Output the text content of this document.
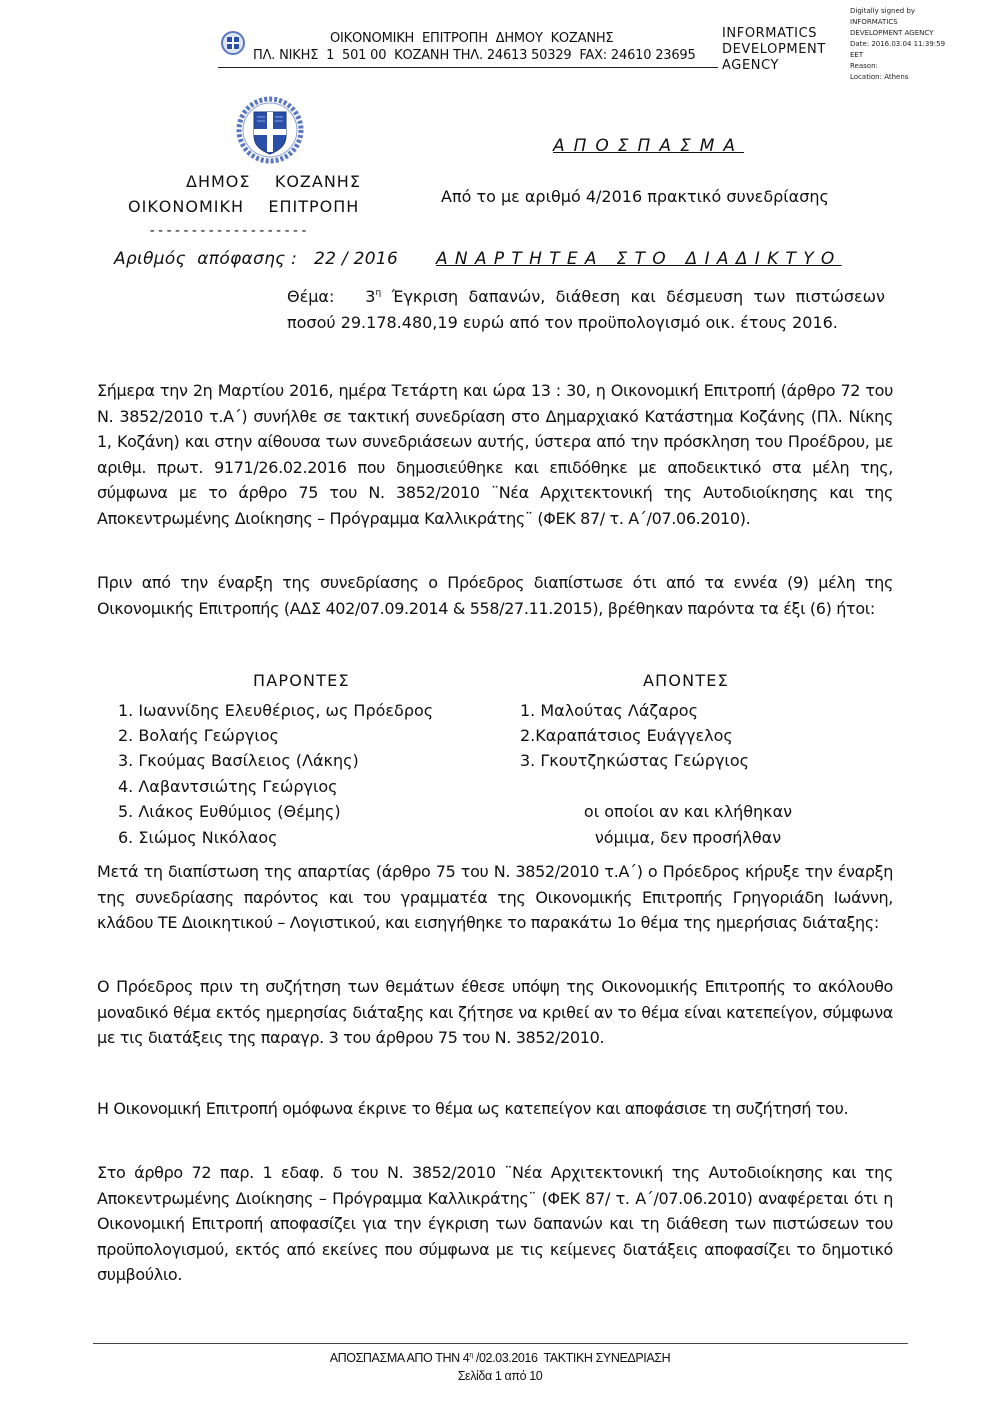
ΟΙΚΟΝΟΜΙΚΗ  ΕΠΙΤΡΟΠΗ  ΔΗΜΟΥ  ΚΟΖΑΝΗΣ
ΠΛ. ΝΙΚΗΣ  1  501 00  ΚΟΖΑΝΗ ΤΗΛ. 24613 50329  FAX: 24610 23695
INFORMATICS
DEVELOPMENT
AGENCY
Digitally signed by
INFORMATICS
DEVELOPMENT AGENCY
Date: 2016.03.04 11:39:59
EET
Reason:
Location: Athens
ΔΗΜΟΣ    ΚΟΖΑΝΗΣ
ΟΙΚΟΝΟΜΙΚΗ    ΕΠΙΤΡΟΠΗ
-------------------
Αριθμός  απόφασης : 22 / 2016
ΑΠΟΣΠΑΣΜΑ
Από το με αριθμό 4/2016 πρακτικό συνεδρίασης
ΑΝΑΡΤΗΤΕΑ ΣΤΟ ΔΙΑΔΙΚΤΥΟ
Θέμα: $3^\eta$ Έγκριση δαπανών, διάθεση και δέσμευση των πιστώσεων ποσού 29.178.480,19 ευρώ από τον προϋπολογισμό οικ. έτους 2016.
Σήμερα την 2η Μαρτίου 2016, ημέρα Τετάρτη και ώρα 13 : 30, η Οικονομική Επιτροπή (άρθρο 72 του Ν. 3852/2010 τ.Α΄) συνήλθε σε τακτική συνεδρίαση στο Δημαρχιακό Κατάστημα Κοζάνης (Πλ. Νίκης 1, Κοζάνη) και στην αίθουσα των συνεδριάσεων αυτής, ύστερα από την πρόσκληση του Προέδρου, με αριθμ. πρωτ. 9171/26.02.2016 που δημοσιεύθηκε και επιδόθηκε με αποδεικτικό στα μέλη της, σύμφωνα με το άρθρο 75 του Ν. 3852/2010 ¨Νέα Αρχιτεκτονική της Αυτοδιοίκησης και της Αποκεντρωμένης Διοίκησης – Πρόγραμμα Καλλικράτης¨ (ΦΕΚ 87/ τ. Α΄/07.06.2010).
Πριν από την έναρξη της συνεδρίασης ο Πρόεδρος διαπίστωσε ότι από τα εννέα (9) μέλη της Οικονομικής Επιτροπής (ΑΔΣ 402/07.09.2014 & 558/27.11.2015), βρέθηκαν παρόντα τα έξι (6) ήτοι:
ΠΑΡΟΝΤΕΣ
1. Ιωαννίδης Ελευθέριος, ως Πρόεδρος
2. Βολαής Γεώργιος
3. Γκούμας Βασίλειος (Λάκης)
4. Λαβαντσιώτης Γεώργιος
5. Λιάκος Ευθύμιος (Θέμης)
6. Σιώμος Νικόλαος
ΑΠΟΝΤΕΣ
1. Μαλούτας Λάζαρος
2.Καραπάτσιος Ευάγγελος
3. Γκουτζηκώστας Γεώργιος
οι οποίοι αν και κλήθηκαν
νόμιμα, δεν προσήλθαν
Μετά τη διαπίστωση της απαρτίας (άρθρο 75 του Ν. 3852/2010 τ.Α΄) ο Πρόεδρος κήρυξε την έναρξη της συνεδρίασης παρόντος και του γραμματέα της Οικονομικής Επιτροπής Γρηγοριάδη Ιωάννη, κλάδου ΤΕ Διοικητικού – Λογιστικού, και εισηγήθηκε το παρακάτω 1ο θέμα της ημερήσιας διάταξης:
Ο Πρόεδρος πριν τη συζήτηση των θεμάτων έθεσε υπόψη της Οικονομικής Επιτροπής το ακόλουθο μοναδικό θέμα εκτός ημερησίας διάταξης και ζήτησε να κριθεί αν το θέμα είναι κατεπείγον, σύμφωνα με τις διατάξεις της παραγρ. 3 του άρθρου 75 του Ν. 3852/2010.
Η Οικονομική Επιτροπή ομόφωνα έκρινε το θέμα ως κατεπείγον και αποφάσισε τη συζήτησή του.
Στο άρθρο 72 παρ. 1 εδαφ. δ του Ν. 3852/2010 ¨Νέα Αρχιτεκτονική της Αυτοδιοίκησης και της Αποκεντρωμένης Διοίκησης – Πρόγραμμα Καλλικράτης¨ (ΦΕΚ 87/ τ. Α΄/07.06.2010) αναφέρεται ότι η Οικονομική Επιτροπή αποφασίζει για την έγκριση των δαπανών και τη διάθεση των πιστώσεων του προϋπολογισμού, εκτός από εκείνες που σύμφωνα με τις κείμενες διατάξεις αποφασίζει το δημοτικό συμβούλιο.
ΑΠΟΣΠΑΣΜΑ ΑΠΟ ΤΗΝ $4^\eta$ /02.03.2016  ΤΑΚΤΙΚΗ ΣΥΝΕΔΡΙΑΣΗ
Σελίδα 1 από 10
